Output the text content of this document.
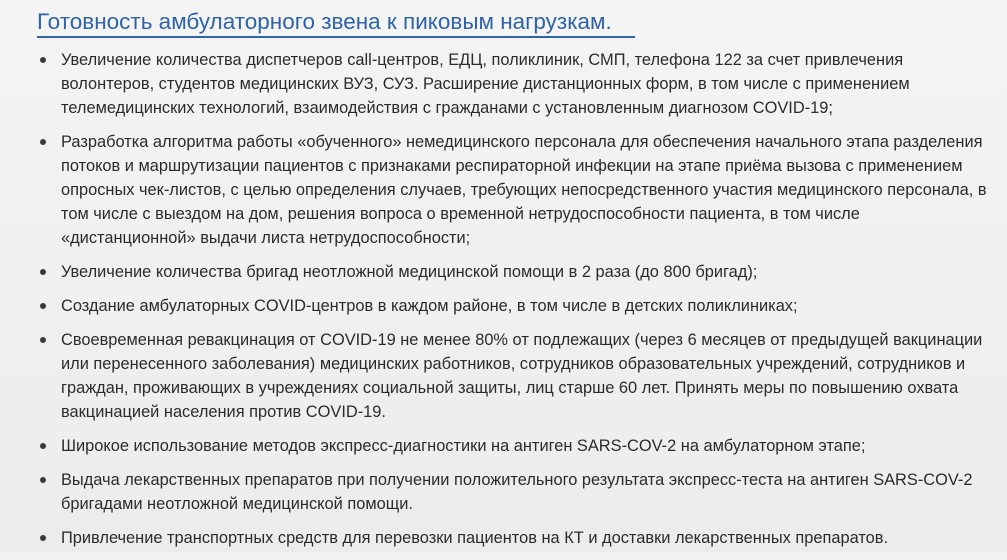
Готовность амбулаторного звена к пиковым нагрузкам.
Увеличение количества диспетчеров call-центров, ЕДЦ, поликлиник, СМП, телефона 122 за счет привлечения волонтеров, студентов медицинских ВУЗ, СУЗ. Расширение дистанционных форм, в том числе с применением телемедицинских технологий, взаимодействия с гражданами с установленным диагнозом COVID-19;
Разработка алгоритма работы «обученного» немедицинского персонала для обеспечения начального этапа разделения потоков и маршрутизации пациентов с признаками респираторной инфекции на этапе приёма вызова с применением опросных чек-листов, с целью определения случаев, требующих непосредственного участия медицинского персонала, в том числе с выездом на дом, решения вопроса о временной нетрудоспособности пациента, в том числе «дистанционной» выдачи листа нетрудоспособности;
Увеличение количества бригад неотложной медицинской помощи в 2 раза (до 800 бригад);
Создание амбулаторных COVID-центров в каждом районе, в том числе в детских поликлиниках;
Своевременная ревакцинация от COVID-19 не менее 80% от подлежащих (через 6 месяцев от предыдущей вакцинации или перенесенного заболевания) медицинских работников, сотрудников образовательных учреждений, сотрудников и граждан, проживающих в учреждениях социальной защиты, лиц старше 60 лет. Принять меры по повышению охвата вакцинацией населения против COVID-19.
Широкое использование методов экспресс-диагностики на антиген SARS-COV-2 на амбулаторном этапе;
Выдача лекарственных препаратов при получении положительного результата экспресс-теста на антиген SARS-COV-2 бригадами неотложной медицинской помощи.
Привлечение транспортных средств для перевозки пациентов на КТ и доставки лекарственных препаратов.
